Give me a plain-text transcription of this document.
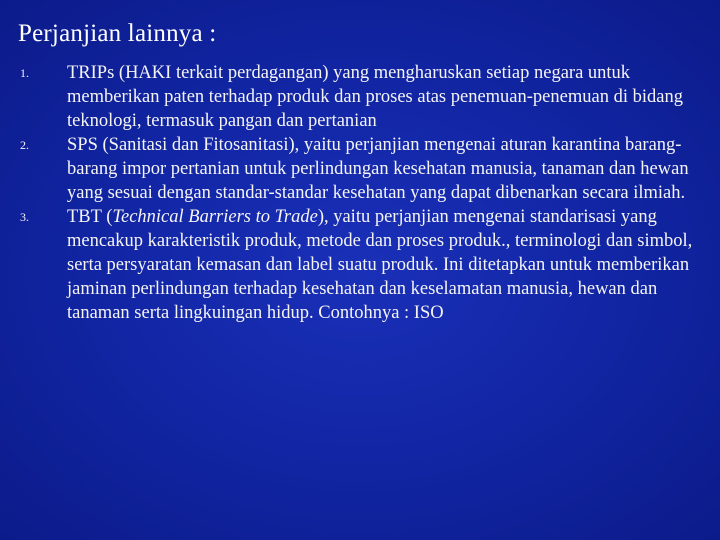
Perjanjian lainnya :
1. TRIPs (HAKI terkait perdagangan) yang mengharuskan setiap negara untuk memberikan paten terhadap produk dan proses atas penemuan-penemuan di bidang teknologi, termasuk pangan dan pertanian
2. SPS (Sanitasi dan Fitosanitasi), yaitu perjanjian mengenai aturan karantina barang-barang impor pertanian untuk perlindungan kesehatan manusia, tanaman dan hewan yang sesuai dengan standar-standar kesehatan yang dapat dibenarkan secara ilmiah.
3. TBT (Technical Barriers to Trade), yaitu perjanjian mengenai standarisasi yang mencakup karakteristik produk, metode dan proses produk., terminologi dan simbol, serta persyaratan kemasan dan label suatu produk. Ini ditetapkan untuk memberikan jaminan perlindungan terhadap kesehatan dan keselamatan manusia, hewan dan tanaman serta lingkuingan hidup. Contohnya : ISO
